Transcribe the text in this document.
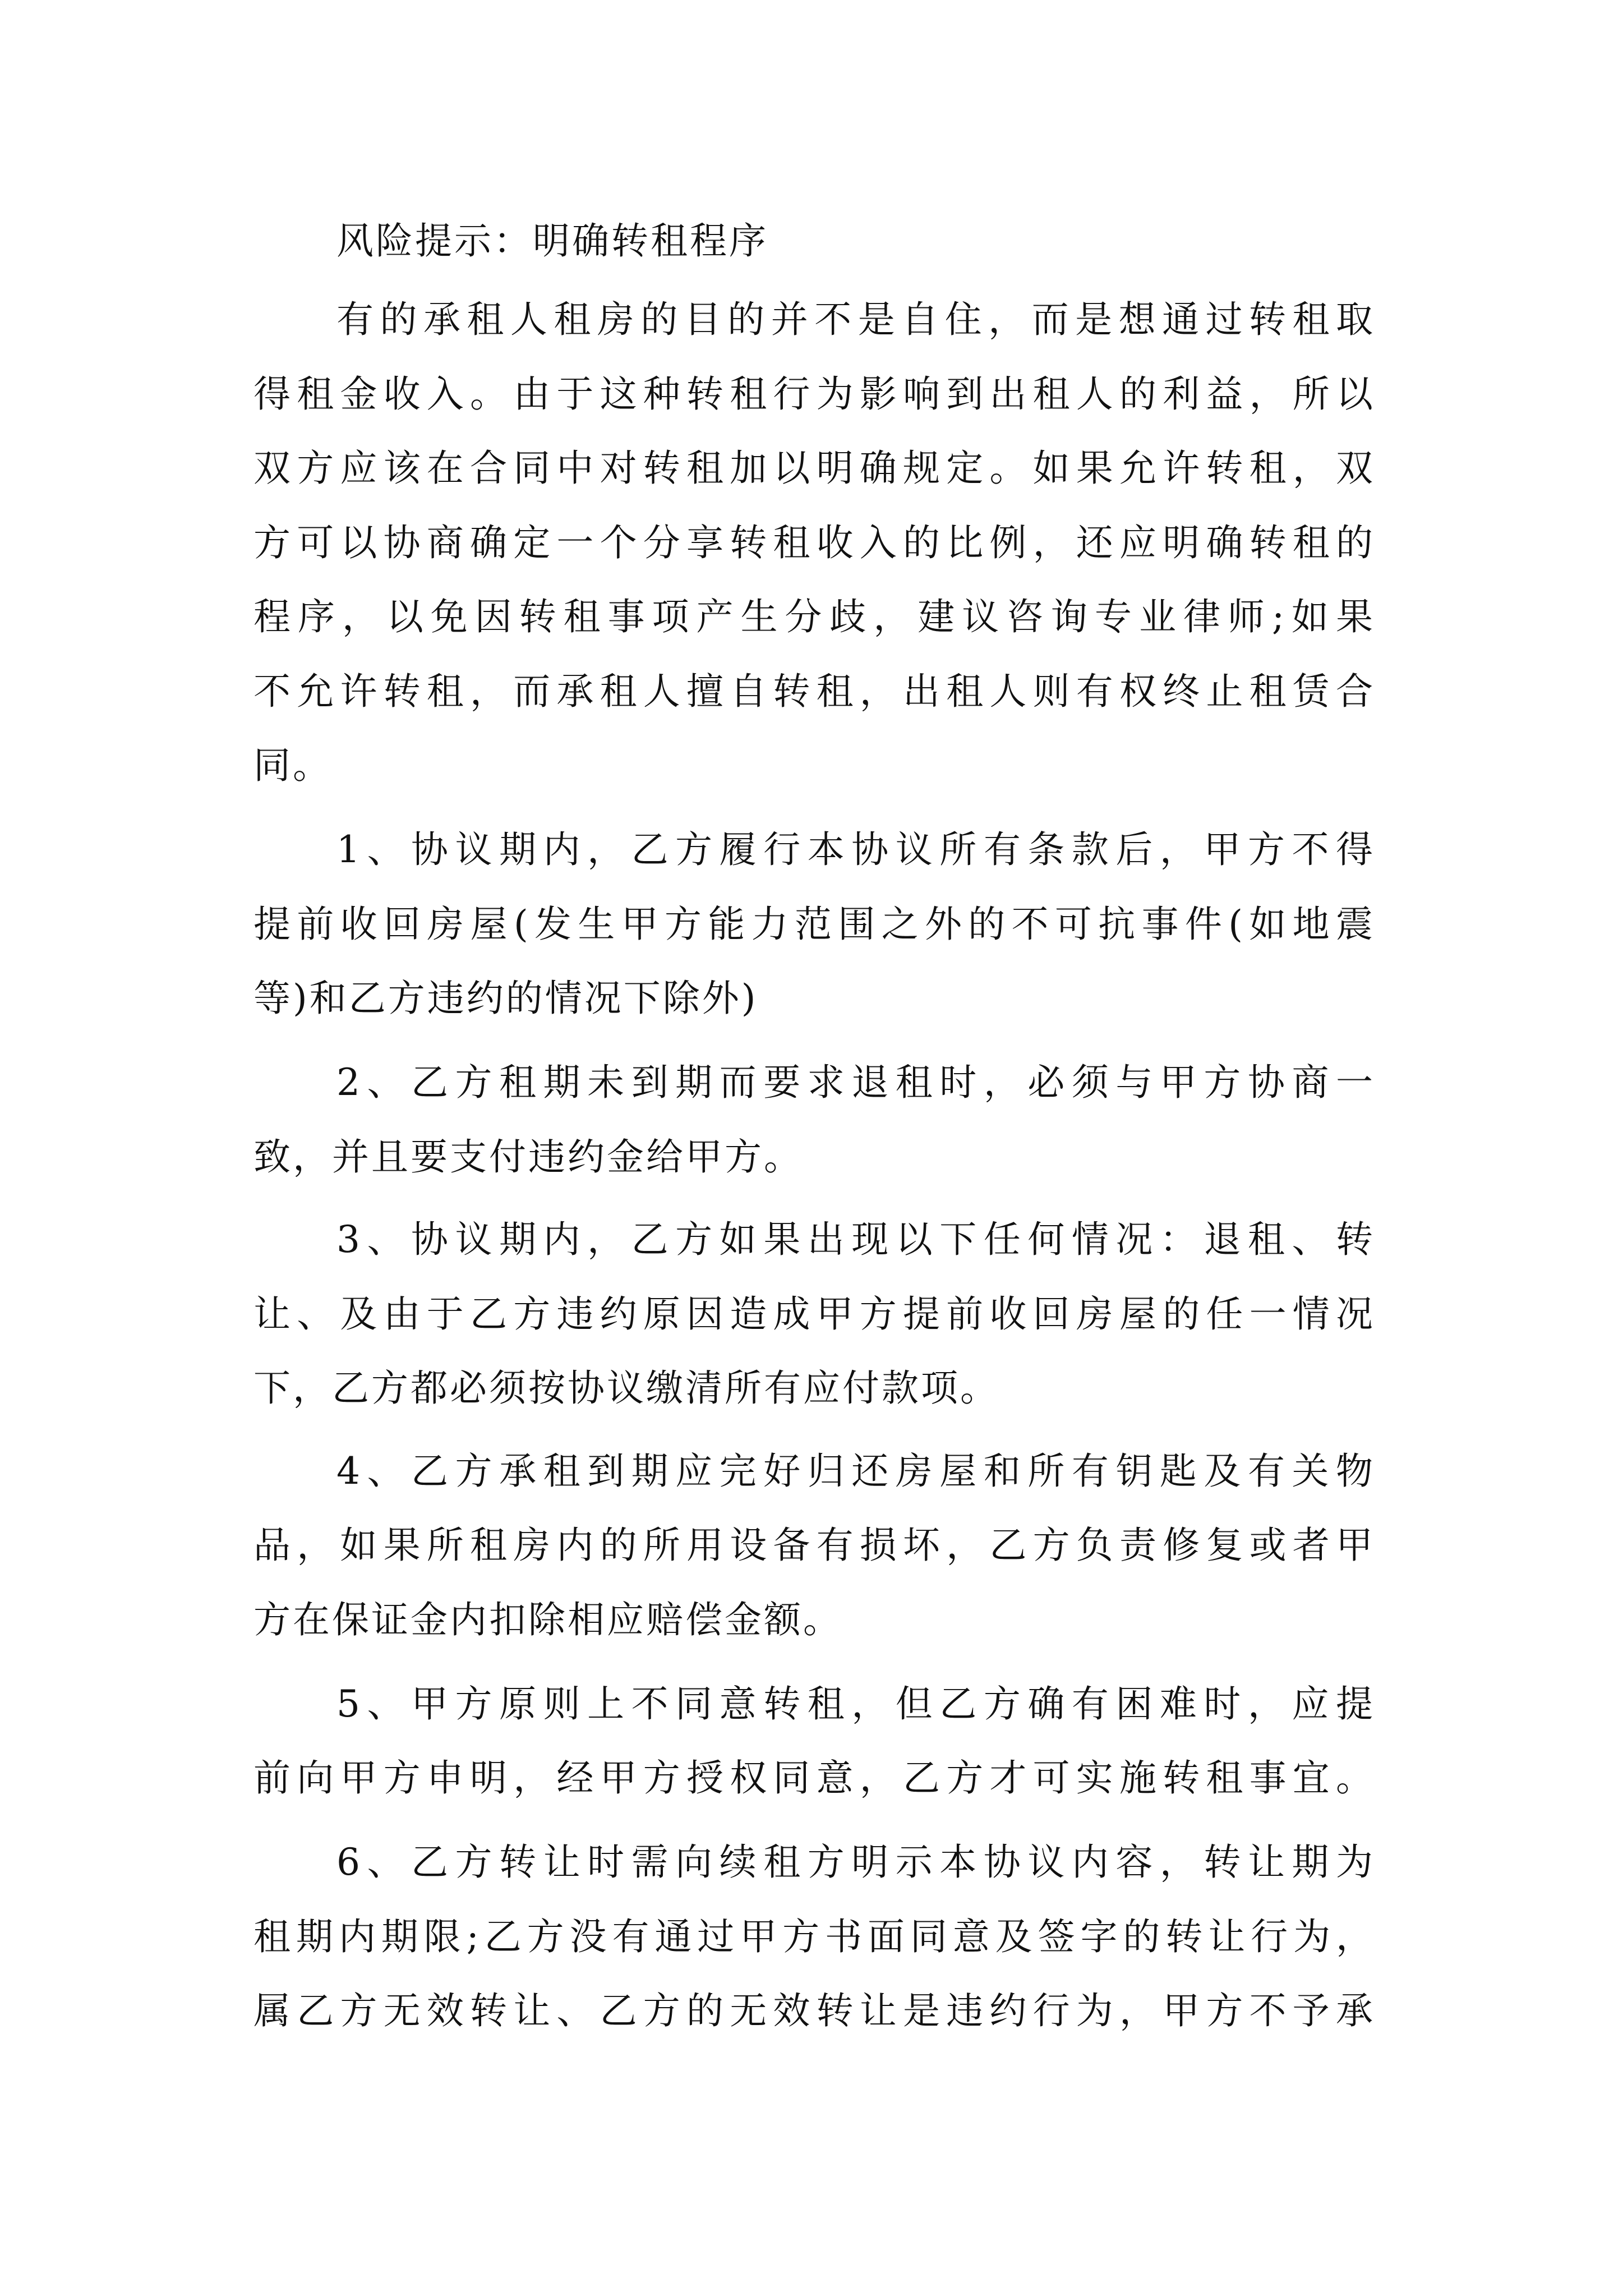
风险提示：明确转租程序
有的承租人租房的目的并不是自住，而是想通过转租取
得租金收入。由于这种转租行为影响到出租人的利益，所以
双方应该在合同中对转租加以明确规定。如果允许转租，双
方可以协商确定一个分享转租收入的比例，还应明确转租的
程序，以免因转租事项产生分歧，建议咨询专业律师;如果
不允许转租，而承租人擅自转租，出租人则有权终止租赁合
同。
1、协议期内，乙方履行本协议所有条款后，甲方不得
提前收回房屋(发生甲方能力范围之外的不可抗事件(如地震
等)和乙方违约的情况下除外)
2、乙方租期未到期而要求退租时，必须与甲方协商一
致，并且要支付违约金给甲方。
3、协议期内，乙方如果出现以下任何情况：退租、转
让、及由于乙方违约原因造成甲方提前收回房屋的任一情况
下，乙方都必须按协议缴清所有应付款项。
4、乙方承租到期应完好归还房屋和所有钥匙及有关物
品，如果所租房内的所用设备有损坏，乙方负责修复或者甲
方在保证金内扣除相应赔偿金额。
5、甲方原则上不同意转租，但乙方确有困难时，应提
前向甲方申明，经甲方授权同意，乙方才可实施转租事宜。
6、乙方转让时需向续租方明示本协议内容，转让期为
租期内期限;乙方没有通过甲方书面同意及签字的转让行为，
属乙方无效转让、乙方的无效转让是违约行为，甲方不予承
